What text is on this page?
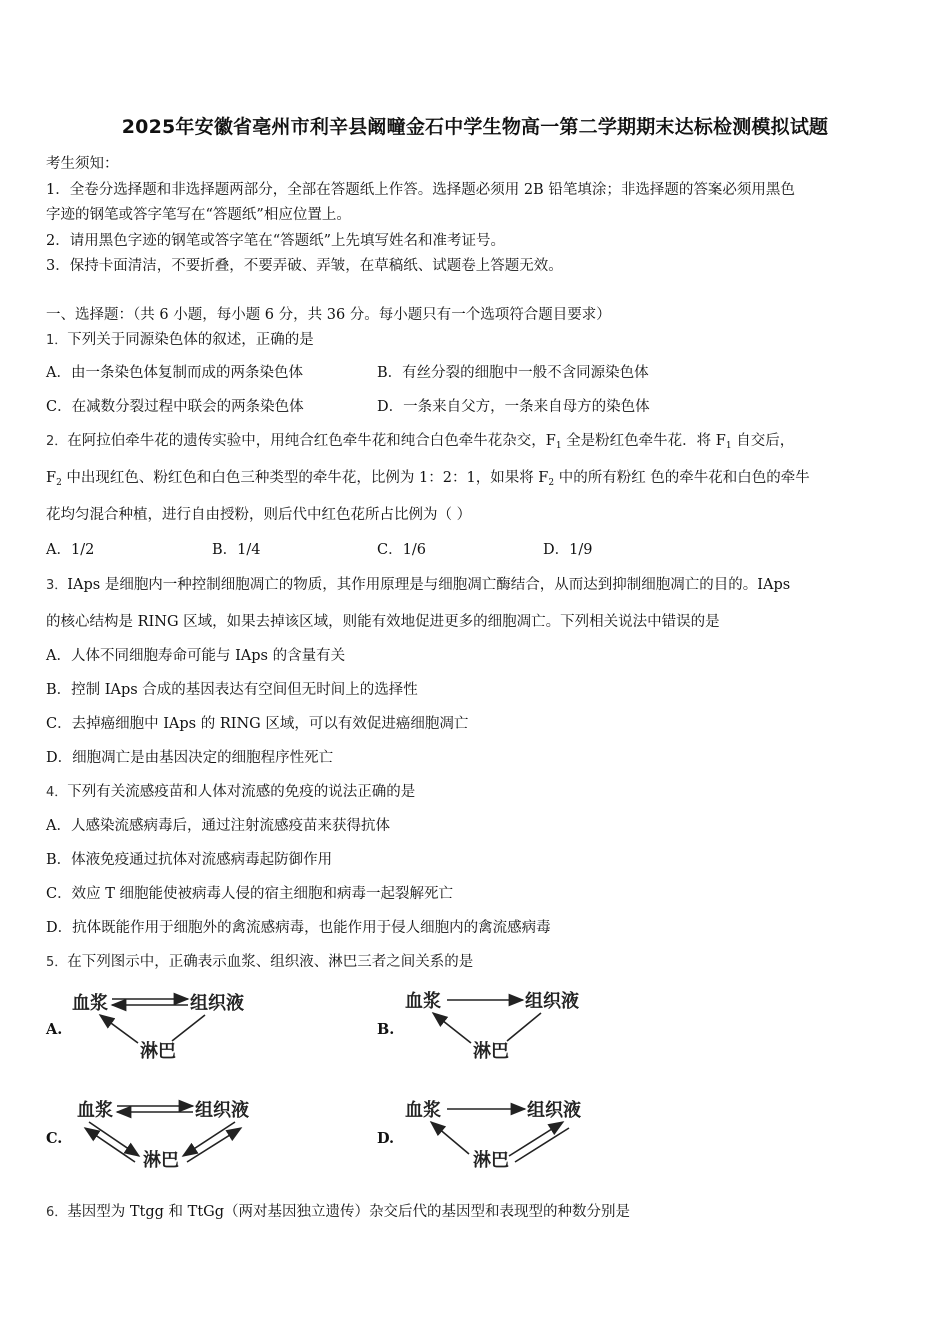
2025年安徽省亳州市利辛县阚疃金石中学生物高一第二学期期末达标检测模拟试题
考生须知：
1．全卷分选择题和非选择题两部分，全部在答题纸上作答。选择题必须用 2B 铅笔填涂；非选择题的答案必须用黑色
字迹的钢笔或答字笔写在“答题纸”相应位置上。
2．请用黑色字迹的钢笔或答字笔在“答题纸”上先填写姓名和准考证号。
3．保持卡面清洁，不要折叠，不要弄破、弄皱，在草稿纸、试题卷上答题无效。
一、选择题：（共 6 小题，每小题 6 分，共 36 分。每小题只有一个选项符合题目要求）
1．下列关于同源染色体的叙述，正确的是
A．由一条染色体复制而成的两条染色体	B．有丝分裂的细胞中一般不含同源染色体
C．在减数分裂过程中联会的两条染色体	D．一条来自父方，一条来自母方的染色体
2．在阿拉伯牵牛花的遗传实验中，用纯合红色牵牛花和纯合白色牵牛花杂交，$F_1$ 全是粉红色牵牛花．将 $F_1$ 自交后，
$F_2$ 中出现红色、粉红色和白色三种类型的牵牛花，比例为 1：2：1，如果将 $F_2$ 中的所有粉红 色的牵牛花和白色的牵牛
花均匀混合种植，进行自由授粉，则后代中红色花所占比例为（ ）
A．1/2	B．1/4	C．1/6	D．1/9
3．IAps 是细胞内一种控制细胞凋亡的物质，其作用原理是与细胞凋亡酶结合，从而达到抑制细胞凋亡的目的。IAps
的核心结构是 RING 区域，如果去掉该区域，则能有效地促进更多的细胞凋亡。下列相关说法中错误的是
A．人体不同细胞寿命可能与 IAps 的含量有关
B．控制 IAps 合成的基因表达有空间但无时间上的选择性
C．去掉癌细胞中 IAps 的 RING 区域，可以有效促进癌细胞凋亡
D．细胞凋亡是由基因决定的细胞程序性死亡
4．下列有关流感疫苗和人体对流感的免疫的说法正确的是
A．人感染流感病毒后，通过注射流感疫苗来获得抗体
B．体液免疫通过抗体对流感病毒起防御作用
C．效应 T 细胞能使被病毒人侵的宿主细胞和病毒一起裂解死亡
D．抗体既能作用于细胞外的禽流感病毒，也能作用于侵人细胞内的禽流感病毒
5．在下列图示中，正确表示血浆、组织液、淋巴三者之间关系的是
A.
血浆	组织液
淋巴
B.
血浆	组织液
淋巴
C.
血浆	组织液
淋巴
D.
血浆	组织液
淋巴
6．基因型为 Ttgg 和 TtGg（两对基因独立遗传）杂交后代的基因型和表现型的种数分别是
